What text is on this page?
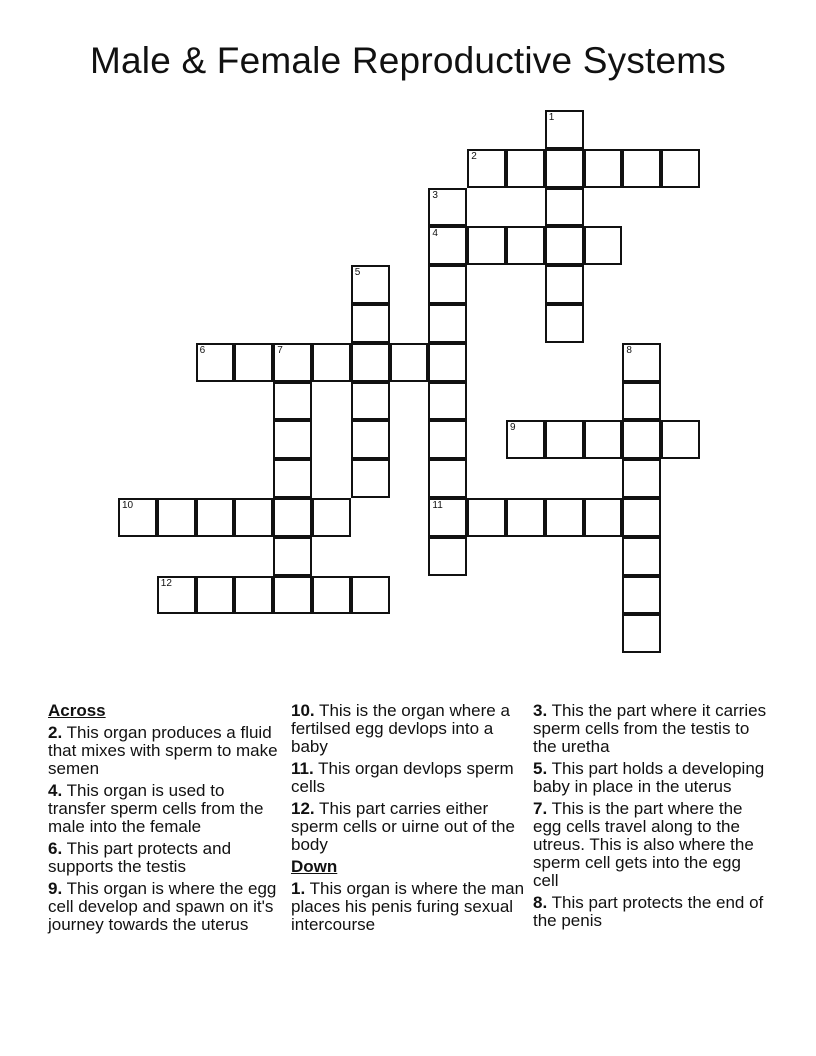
Male & Female Reproductive Systems
1
2
3
4
11
5
6	7	8
9
10
12
Across
2. This organ produces a fluid that mixes with sperm to make semen
4. This organ is used to transfer sperm cells from the male into the female
6. This part protects and supports the testis
9. This organ is where the egg cell develop and spawn on it's journey towards the uterus
10. This is the organ where a fertilsed egg devlops into a baby
11. This organ devlops sperm cells
12. This part carries either sperm cells or uirne out of the body
Down
1. This organ is where the man places his penis furing sexual intercourse
3. This the part where it carries sperm cells from the testis to the uretha
5. This part holds a developing baby in place in the uterus
7. This is the part where the egg cells travel along to the utreus. This is also where the sperm cell gets into the egg cell
8. This part protects the end of the penis
